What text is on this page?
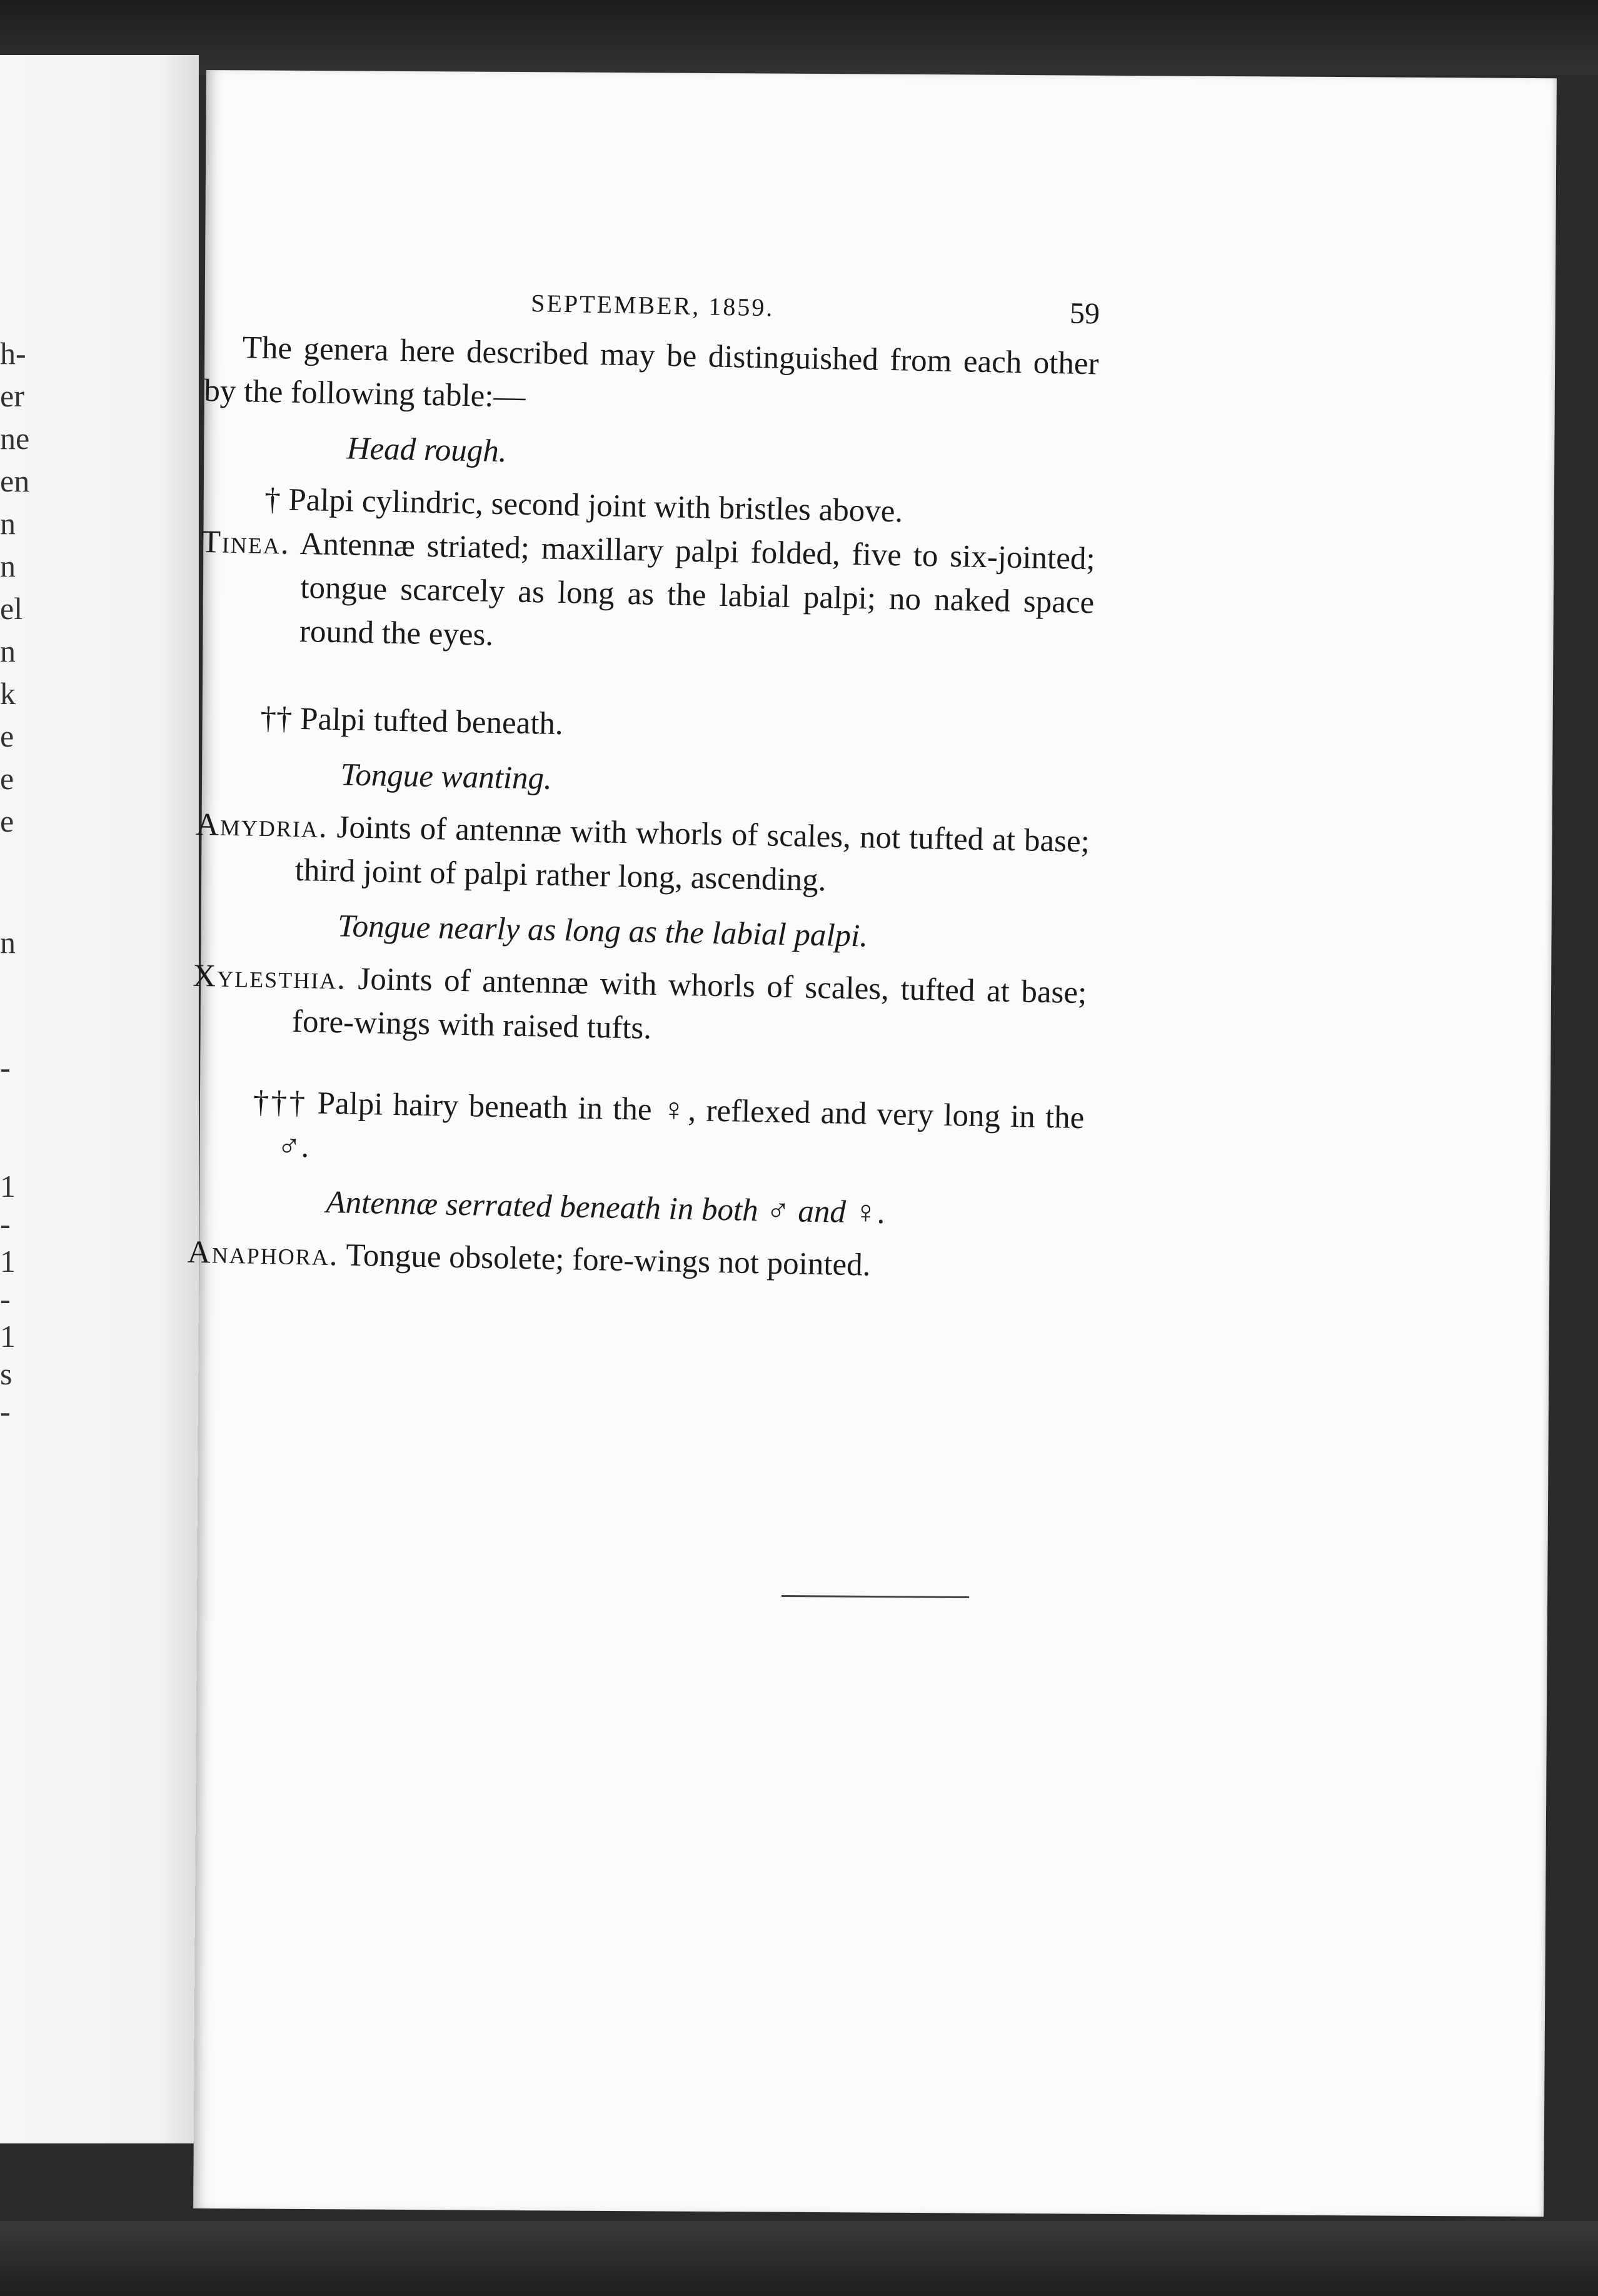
h-
er
ne
en
n
n
el
n
k
e
e
e
n
-
1
-
1
-
1
s
-
SEPTEMBER, 1859.	59

The genera here described may be distinguished from each other by the following table:—

Head rough.
† Palpi cylindric, second joint with bristles above.

Tinea. Antennæ striated; maxillary palpi folded, five to six-jointed; tongue scarcely as long as the labial palpi; no naked space round the eyes.

†† Palpi tufted beneath.
Tongue wanting.

Amydria. Joints of antennæ with whorls of scales, not tufted at base; third joint of palpi rather long, ascending.

Tongue nearly as long as the labial palpi.

Xylesthia. Joints of antennæ with whorls of scales, tufted at base; fore-wings with raised tufts.

††† Palpi hairy beneath in the ♀, reflexed and very long in the ♂.

Antennæ serrated beneath in both ♂ and ♀.

Anaphora. Tongue obsolete; fore-wings not pointed.
